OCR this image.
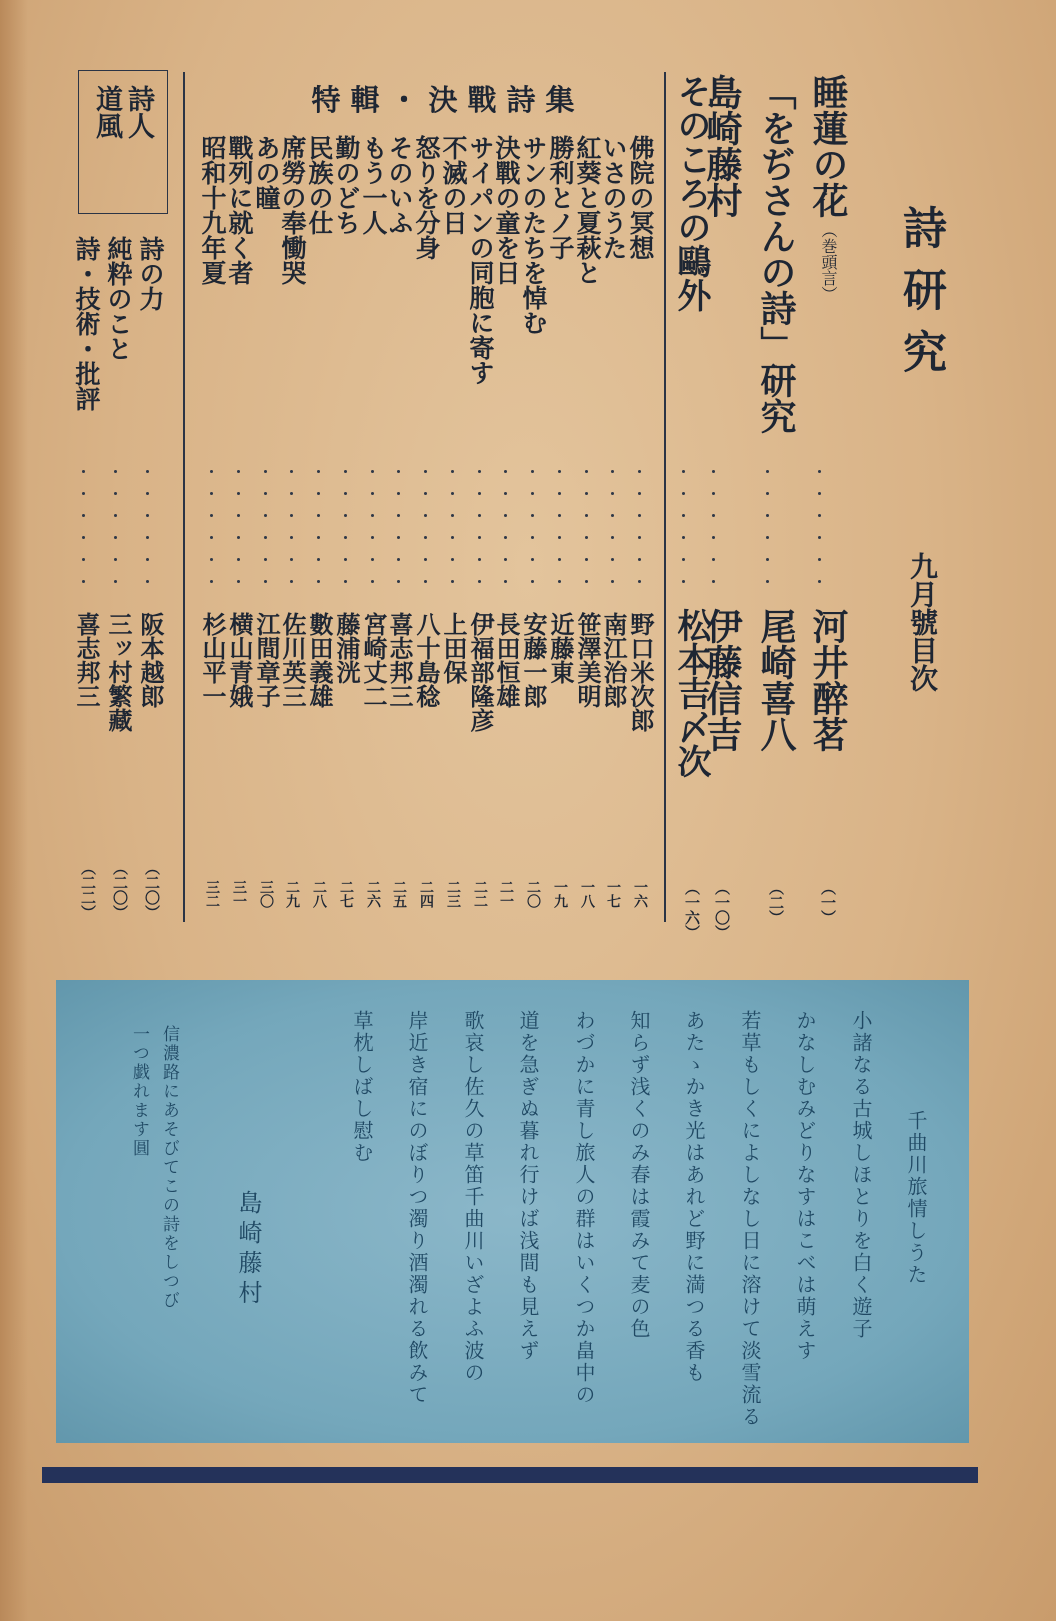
詩研究
九月號目次
睡蓮の花
（巻頭言）
河井醉茗
（一）
「をぢさんの詩」研究
尾崎喜八
（二）
島崎藤村
伊藤信吉
（一〇）
そのころの鷗外
松本吉〆次
（一六）
特輯・決戰詩集
佛院の冥想
野口米次郎
一六
いさのうた
南江治郎
一七
紅葵と夏萩と
笹澤美明
一八
勝利とノ子
近藤東
一九
サンのたちを悼む
安藤一郎
二〇
決戰の童を日
長田恒雄
二一
サイパンの同胞に寄す
伊福部隆彦
二二
不滅の日
上田保
二三
怒りを分身
八十島稔
二四
そのいふ
喜志邦三
二五
もう一人
宮崎丈二
二六
勤のどち
藤浦洸
二七
民族の仕
數田義雄
二八
席勞の奉慟哭
佐川英三
二九
あの瞳
江間章子
三〇
戰列に就く者
横山青娥
三一
昭和十九年夏
杉山平一
三二
詩人
道風
詩の力
阪本越郎
（二〇）
純粋のこと
三ッ村繁藏
（二〇）
詩・技術・批評
喜志邦三
（二二）
千曲川旅情しうた
小諸なる古城しほとりを白く遊子
かなしむみどりなすはこべは萌えす
若草もしくによしなし日に溶けて淡雪流る
あたゝかき光はあれど野に満つる香も
知らず浅くのみ春は霞みて麦の色
わづかに青し旅人の群はいくつか畠中の
道を急ぎぬ暮れ行けば浅間も見えず
歌哀し佐久の草笛千曲川いざよふ波の
岸近き宿にのぼりつ濁り酒濁れる飲みて
草枕しばし慰む
信濃路にあそびてこの詩をしつび
一つ戯れます圓
島崎藤村
